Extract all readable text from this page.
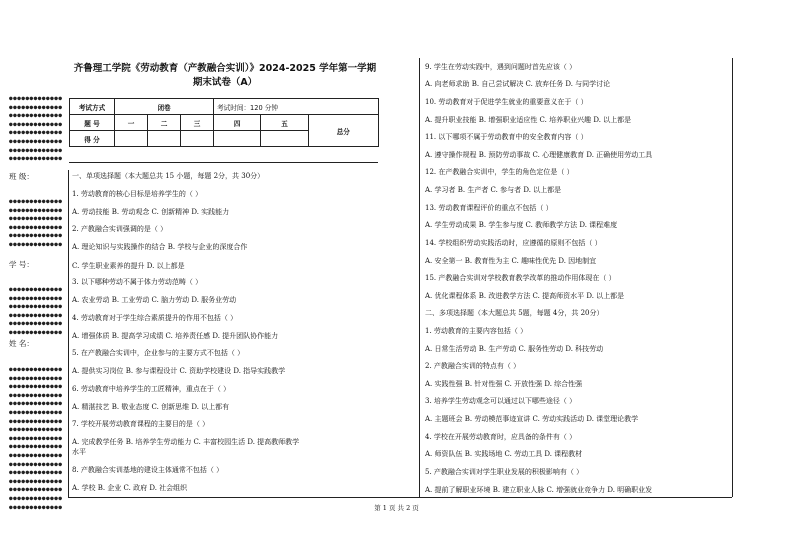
●●●●●●●●●●●●●
●●●●●●●●●●●●●
●●●●●●●●●●●●●
●●●●●●●●●●●●●
●●●●●●●●●●●●●
●●●●●●●●●●●●●
●●●●●●●●●●●●●
●●●●●●●●●●●●●
班 级：
●●●●●●●●●●●●●
●●●●●●●●●●●●●
●●●●●●●●●●●●●
●●●●●●●●●●●●●
●●●●●●●●●●●●●
●●●●●●●●●●●●●
学 号：
●●●●●●●●●●●●●
●●●●●●●●●●●●●
●●●●●●●●●●●●●
●●●●●●●●●●●●●
●●●●●●●●●●●●●
●●●●●●●●●●●●●
姓 名：
●●●●●●●●●●●●●
●●●●●●●●●●●●●
●●●●●●●●●●●●●
●●●●●●●●●●●●●
●●●●●●●●●●●●●
●●●●●●●●●●●●●
●●●●●●●●●●●●●
●●●●●●●●●●●●●
●●●●●●●●●●●●●
●●●●●●●●●●●●●
●●●●●●●●●●●●●
●●●●●●●●●●●●●
●●●●●●●●●●●●●
●●●●●●●●●●●●●
●●●●●●●●●●●●●
●●●●●●●●●●●●●
●●●●●●●●●●●●●
齐鲁理工学院《劳动教育（产教融合实训）》2024-2025 学年第一学期
期末试卷（A）
考试方式	闭卷			考试时间：120 分钟		
题 号	一	二	三	四	五	总分
得 分						
一、单项选择题（本大题总共 15 小题，每题 2分，共 30分）
1. 劳动教育的核心目标是培养学生的（ ）
A. 劳动技能 B. 劳动观念 C. 创新精神 D. 实践能力
2. 产教融合实训强调的是（ ）
A. 理论知识与实践操作的结合 B. 学校与企业的深度合作
C. 学生职业素养的提升 D. 以上都是
3. 以下哪种劳动不属于体力劳动范畴（ ）
A. 农业劳动 B. 工业劳动 C. 脑力劳动 D. 服务业劳动
4. 劳动教育对于学生综合素质提升的作用不包括（ ）
A. 增强体质 B. 提高学习成绩 C. 培养责任感 D. 提升团队协作能力
5. 在产教融合实训中，企业参与的主要方式不包括（ ）
A. 提供实习岗位 B. 参与课程设计 C. 资助学校建设 D. 指导实践教学
6. 劳动教育中培养学生的工匠精神，重点在于（ ）
A. 精湛技艺 B. 敬业态度 C. 创新思维 D. 以上都有
7. 学校开展劳动教育课程的主要目的是（ ）
A. 完成教学任务 B. 培养学生劳动能力 C. 丰富校园生活 D. 提高教师教学
水平
8. 产教融合实训基地的建设主体通常不包括（ ）
A. 学校 B. 企业 C. 政府 D. 社会组织
9. 学生在劳动实践中，遇到问题时首先应该（ ）
A. 向老师求助 B. 自己尝试解决 C. 放弃任务 D. 与同学讨论
10. 劳动教育对于促进学生就业的重要意义在于（ ）
A. 提升职业技能 B. 增强职业适应性 C. 培养职业兴趣 D. 以上都是
11. 以下哪项不属于劳动教育中的安全教育内容（ ）
A. 遵守操作规程 B. 预防劳动事故 C. 心理健康教育 D. 正确使用劳动工具
12. 在产教融合实训中，学生的角色定位是（ ）
A. 学习者 B. 生产者 C. 参与者 D. 以上都是
13. 劳动教育课程评价的重点不包括（ ）
A. 学生劳动成果 B. 学生参与度 C. 教师教学方法 D. 课程难度
14. 学校组织劳动实践活动时，应遵循的原则不包括（ ）
A. 安全第一 B. 教育性为主 C. 趣味性优先 D. 因地制宜
15. 产教融合实训对学校教育教学改革的推动作用体现在（ ）
A. 优化课程体系 B. 改进教学方法 C. 提高师资水平 D. 以上都是
二、多项选择题（本大题总共 5题，每题 4分，共 20分）
1. 劳动教育的主要内容包括（ ）
A. 日常生活劳动 B. 生产劳动 C. 服务性劳动 D. 科技劳动
2. 产教融合实训的特点有（ ）
A. 实践性强 B. 针对性强 C. 开放性强 D. 综合性强
3. 培养学生劳动观念可以通过以下哪些途径（ ）
A. 主题班会 B. 劳动模范事迹宣讲 C. 劳动实践活动 D. 课堂理论教学
4. 学校在开展劳动教育时，应具备的条件有（ ）
A. 师资队伍 B. 实践场地 C. 劳动工具 D. 课程教材
5. 产教融合实训对学生职业发展的积极影响有（ ）
A. 提前了解职业环境 B. 建立职业人脉 C. 增强就业竞争力 D. 明确职业发
第 1 页 共 2 页
